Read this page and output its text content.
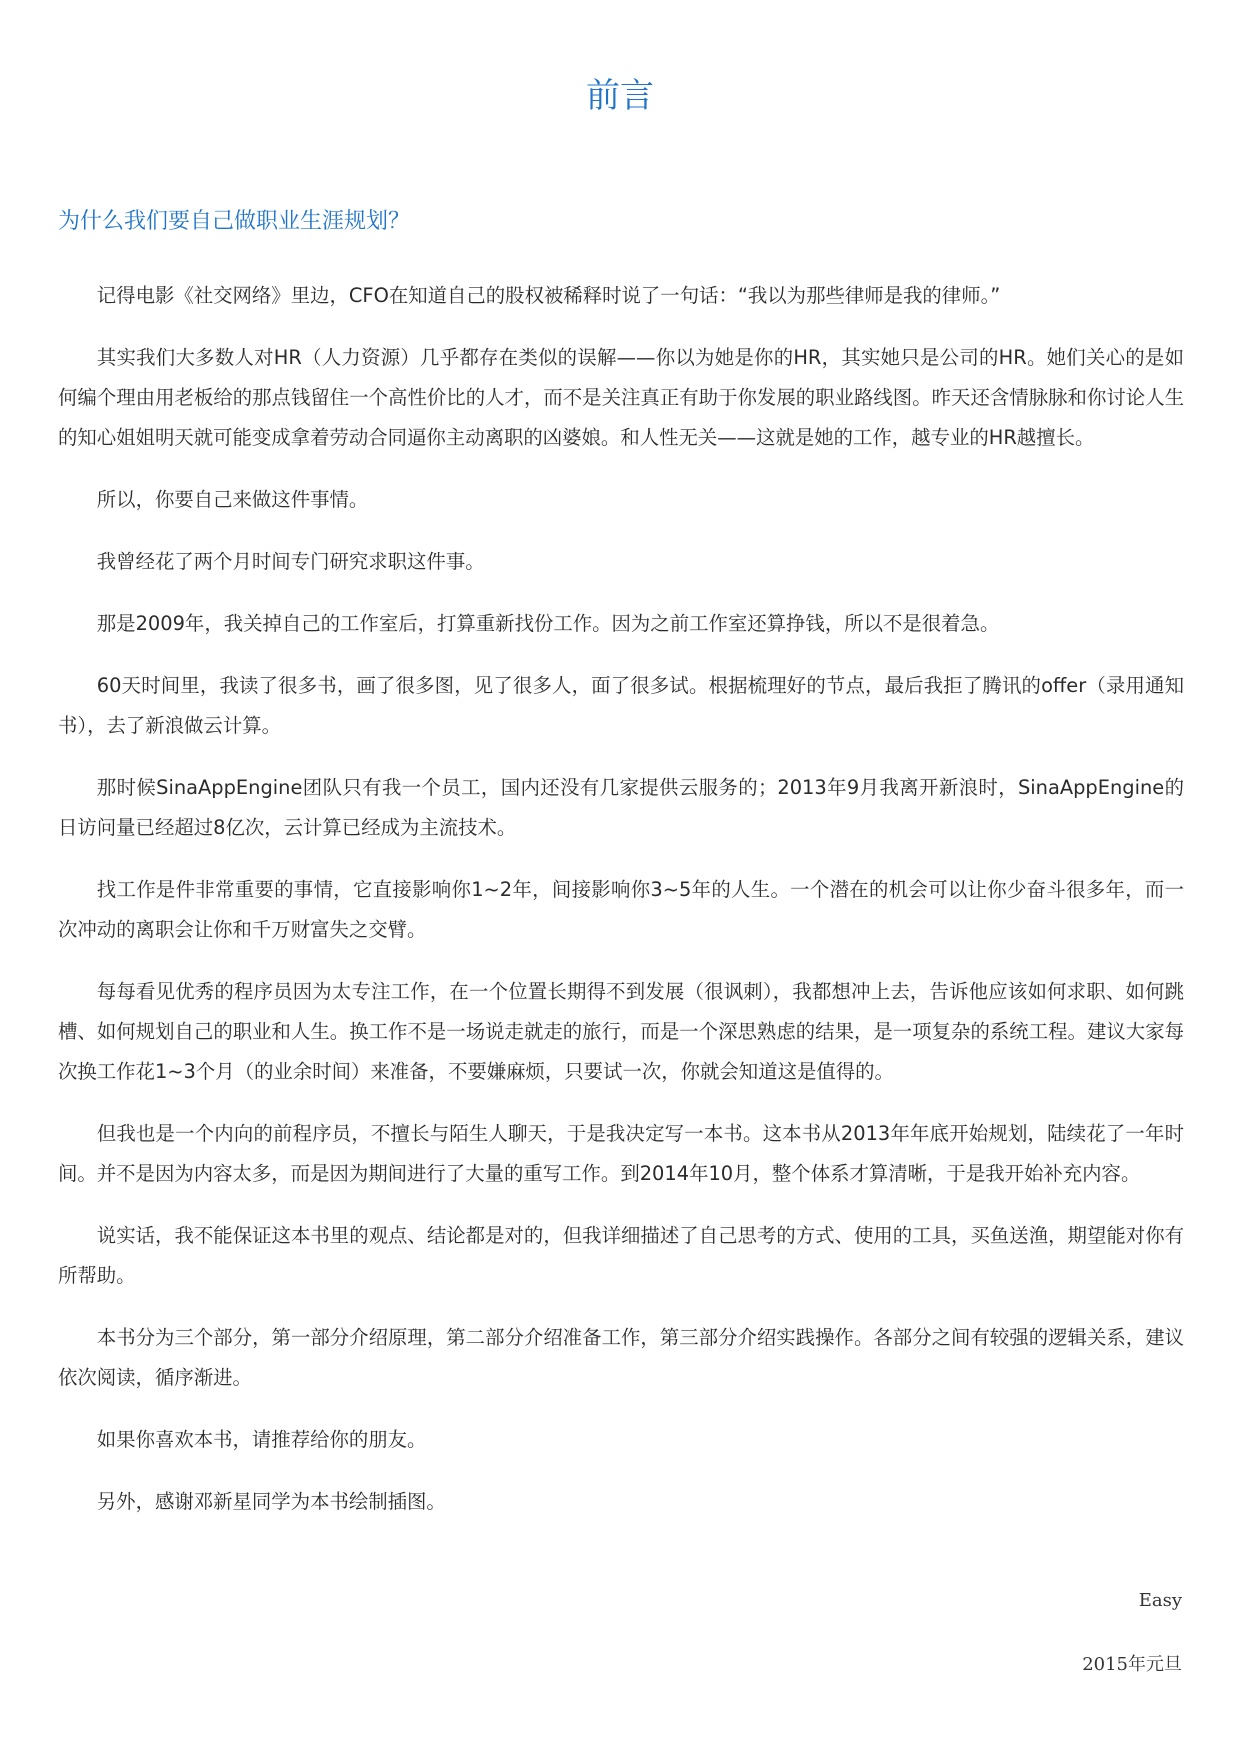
前言
为什么我们要自己做职业生涯规划？

记得电影《社交网络》里边，CFO在知道自己的股权被稀释时说了一句话：“我以为那些律师是我的律师。”

其实我们大多数人对HR（人力资源）几乎都存在类似的误解——你以为她是你的HR，其实她只是公司的HR。她们关心的是如何编个理由用老板给的那点钱留住一个高性价比的人才，而不是关注真正有助于你发展的职业路线图。昨天还含情脉脉和你讨论人生的知心姐姐明天就可能变成拿着劳动合同逼你主动离职的凶婆娘。和人性无关——这就是她的工作，越专业的HR越擅长。

所以，你要自己来做这件事情。

我曾经花了两个月时间专门研究求职这件事。

那是2009年，我关掉自己的工作室后，打算重新找份工作。因为之前工作室还算挣钱，所以不是很着急。

60天时间里，我读了很多书，画了很多图，见了很多人，面了很多试。根据梳理好的节点，最后我拒了腾讯的offer（录用通知书），去了新浪做云计算。

那时候SinaAppEngine团队只有我一个员工，国内还没有几家提供云服务的；2013年9月我离开新浪时，SinaAppEngine的日访问量已经超过8亿次，云计算已经成为主流技术。

找工作是件非常重要的事情，它直接影响你1~2年，间接影响你3~5年的人生。一个潜在的机会可以让你少奋斗很多年，而一次冲动的离职会让你和千万财富失之交臂。

每每看见优秀的程序员因为太专注工作，在一个位置长期得不到发展（很讽刺），我都想冲上去，告诉他应该如何求职、如何跳槽、如何规划自己的职业和人生。换工作不是一场说走就走的旅行，而是一个深思熟虑的结果，是一项复杂的系统工程。建议大家每次换工作花1~3个月（的业余时间）来准备，不要嫌麻烦，只要试一次，你就会知道这是值得的。

但我也是一个内向的前程序员，不擅长与陌生人聊天，于是我决定写一本书。这本书从2013年年底开始规划，陆续花了一年时间。并不是因为内容太多，而是因为期间进行了大量的重写工作。到2014年10月，整个体系才算清晰，于是我开始补充内容。

说实话，我不能保证这本书里的观点、结论都是对的，但我详细描述了自己思考的方式、使用的工具，买鱼送渔，期望能对你有所帮助。

本书分为三个部分，第一部分介绍原理，第二部分介绍准备工作，第三部分介绍实践操作。各部分之间有较强的逻辑关系，建议依次阅读，循序渐进。

如果你喜欢本书，请推荐给你的朋友。

另外，感谢邓新星同学为本书绘制插图。

Easy

2015年元旦
